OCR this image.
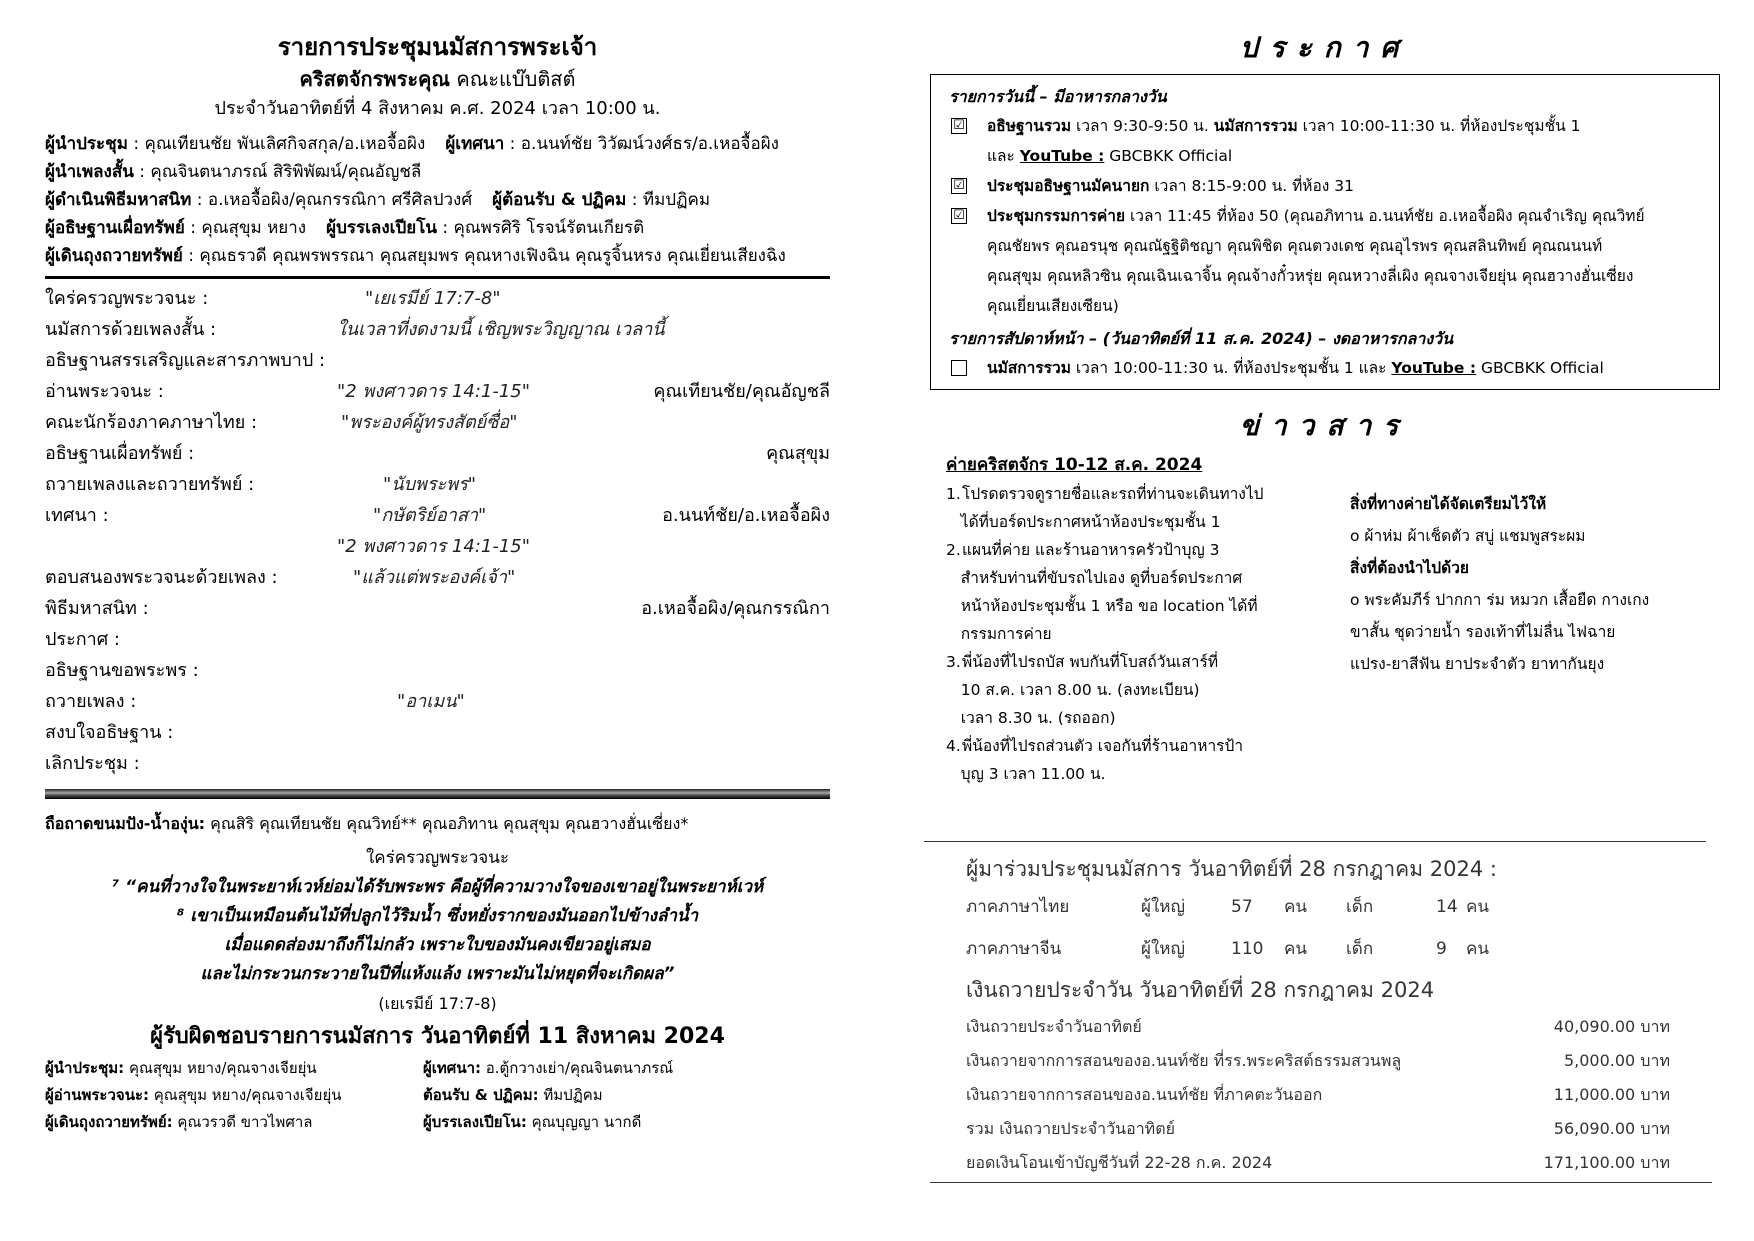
รายการประชุมนมัสการพระเจ้า
คริสตจักรพระคุณ คณะแบ๊บติสต์
ประจำวันอาทิตย์ที่ 4 สิงหาคม ค.ศ. 2024 เวลา 10:00 น.
ผู้นำประชุม : คุณเทียนชัย พันเลิศกิจสกุล/อ.เหอจื้อผิง ผู้เทศนา : อ.นนท์ชัย วิวัฒน์วงศ์ธร/อ.เหอจื้อผิง
ผู้นำเพลงสั้น : คุณจินตนาภรณ์ สิริพิพัฒน์/คุณอัญชลี
ผู้ดำเนินพิธีมหาสนิท : อ.เหอจื้อผิง/คุณกรรณิกา ศรีศิลปวงศ์ ผู้ต้อนรับ & ปฏิคม : ทีมปฏิคม
ผู้อธิษฐานเผื่อทรัพย์ : คุณสุขุม หยาง ผู้บรรเลงเปียโน : คุณพรศิริ โรจน์รัตนเกียรติ
ผู้เดินถุงถวายทรัพย์ : คุณธรวดี คุณพรพรรณา คุณสยุมพร คุณหางเฟิงฉิน คุณรูจิ้นหรง คุณเยี่ยนเสียงฉิง
ใคร่ครวญพระวจนะ :	"เยเรมีย์ 17:7-8"
นมัสการด้วยเพลงสั้น :	ในเวลาที่งดงามนี้ เชิญพระวิญญาณ เวลานี้
อธิษฐานสรรเสริญและสารภาพบาป :
อ่านพระวจนะ :	"2 พงศาวดาร 14:1-15"	คุณเทียนชัย/คุณอัญชลี
คณะนักร้องภาคภาษาไทย :	"พระองค์ผู้ทรงสัตย์ซื่อ"
อธิษฐานเผื่อทรัพย์ :	คุณสุขุม
ถวายเพลงและถวายทรัพย์ :	"นับพระพร"
เทศนา :	"กษัตริย์อาสา"	อ.นนท์ชัย/อ.เหอจื้อผิง
"2 พงศาวดาร 14:1-15"
ตอบสนองพระวจนะด้วยเพลง :	"แล้วแต่พระองค์เจ้า"
พิธีมหาสนิท :	อ.เหอจื้อผิง/คุณกรรณิกา
ประกาศ :
อธิษฐานขอพระพร :
ถวายเพลง :	"อาเมน"
สงบใจอธิษฐาน :
เลิกประชุม :
ถือถาดขนมปัง-น้ำองุ่น: คุณสิริ คุณเทียนชัย คุณวิทย์** คุณอภิทาน คุณสุขุม คุณฮวางฮั่นเซี่ยง*
ใคร่ครวญพระวจนะ
⁷ “คนที่วางใจในพระยาห์เวห์ย่อมได้รับพระพร คือผู้ที่ความวางใจของเขาอยู่ในพระยาห์เวห์
⁸ เขาเป็นเหมือนต้นไม้ที่ปลูกไว้ริมน้ำ ซึ่งหยั่งรากของมันออกไปข้างลำน้ำ
เมื่อแดดส่องมาถึงก็ไม่กลัว เพราะใบของมันคงเขียวอยู่เสมอ
และไม่กระวนกระวายในปีที่แห้งแล้ง เพราะมันไม่หยุดที่จะเกิดผล”
(เยเรมีย์ 17:7-8)
ผู้รับผิดชอบรายการนมัสการ วันอาทิตย์ที่ 11 สิงหาคม 2024
ผู้นำประชุม: คุณสุขุม หยาง/คุณจางเจียยุ่น	ผู้เทศนา: อ.ตู้กวางเย่า/คุณจินตนาภรณ์
ผู้อ่านพระวจนะ: คุณสุขุม หยาง/คุณจางเจียยุ่น	ต้อนรับ & ปฏิคม: ทีมปฏิคม
ผู้เดินถุงถวายทรัพย์: คุณวรวดี ขาวไพศาล	ผู้บรรเลงเปียโน: คุณบุญญา นากดี
ประกาศ
รายการวันนี้ – มีอาหารกลางวัน
☑ อธิษฐานรวม เวลา 9:30-9:50 น. นมัสการรวม เวลา 10:00-11:30 น. ที่ห้องประชุมชั้น 1
และ YouTube : GBCBKK Official
☑ ประชุมอธิษฐานมัคนายก เวลา 8:15-9:00 น. ที่ห้อง 31
☑ ประชุมกรรมการค่าย เวลา 11:45 ที่ห้อง 50 (คุณอภิทาน อ.นนท์ชัย อ.เหอจื้อผิง คุณจำเริญ คุณวิทย์
คุณชัยพร คุณอรนุช คุณณัฐฐิติชญา คุณพิชิต คุณตวงเดช คุณอุไรพร คุณสลินทิพย์ คุณณนนท์
คุณสุขุม คุณหลิวซิน คุณเฉินเฉาจิ้น คุณจ้างกั๋วหรุ่ย คุณหวางลี่เผิง คุณจางเจียยุ่น คุณฮวางฮั่นเซี่ยง
คุณเยี่ยนเสียงเซียน)
รายการสัปดาห์หน้า – (วันอาทิตย์ที่ 11 ส.ค. 2024) – งดอาหารกลางวัน
นมัสการรวม เวลา 10:00-11:30 น. ที่ห้องประชุมชั้น 1 และ YouTube : GBCBKK Official
ข่าวสาร
ค่ายคริสตจักร 10-12 ส.ค. 2024
1.โปรดตรวจดูรายชื่อและรถที่ท่านจะเดินทางไป
ได้ที่บอร์ดประกาศหน้าห้องประชุมชั้น 1
2.แผนที่ค่าย และร้านอาหารครัวป้าบุญ 3
สำหรับท่านที่ขับรถไปเอง ดูที่บอร์ดประกาศ
หน้าห้องประชุมชั้น 1 หรือ ขอ location ได้ที่
กรรมการค่าย
3.พี่น้องที่ไปรถบัส พบกันที่โบสถ์วันเสาร์ที่
10 ส.ค. เวลา 8.00 น. (ลงทะเบียน)
เวลา 8.30 น. (รถออก)
4.พี่น้องที่ไปรถส่วนตัว เจอกันที่ร้านอาหารป้า
บุญ 3 เวลา 11.00 น.
สิ่งที่ทางค่ายได้จัดเตรียมไว้ให้
o ผ้าห่ม ผ้าเช็ดตัว สบู่ แชมพูสระผม
สิ่งที่ต้องนำไปด้วย
o พระคัมภีร์ ปากกา ร่ม หมวก เสื้อยืด กางเกง
ขาสั้น ชุดว่ายน้ำ รองเท้าที่ไม่ลื่น ไฟฉาย
แปรง-ยาสีฟัน ยาประจำตัว ยาทากันยุง
ผู้มาร่วมประชุมนมัสการ วันอาทิตย์ที่ 28 กรกฎาคม 2024 :
ภาคภาษาไทย	ผู้ใหญ่	57 คน เด็ก	14 คน
ภาคภาษาจีน	ผู้ใหญ่	110 คน เด็ก	9 คน
เงินถวายประจำวัน วันอาทิตย์ที่ 28 กรกฎาคม 2024
เงินถวายประจำวันอาทิตย์	40,090.00 บาท
เงินถวายจากการสอนของอ.นนท์ชัย ที่รร.พระคริสต์ธรรมสวนพลู	5,000.00 บาท
เงินถวายจากการสอนของอ.นนท์ชัย ที่ภาคตะวันออก	11,000.00 บาท
รวม เงินถวายประจำวันอาทิตย์	56,090.00 บาท
ยอดเงินโอนเข้าบัญชีวันที่ 22-28 ก.ค. 2024	171,100.00 บาท
